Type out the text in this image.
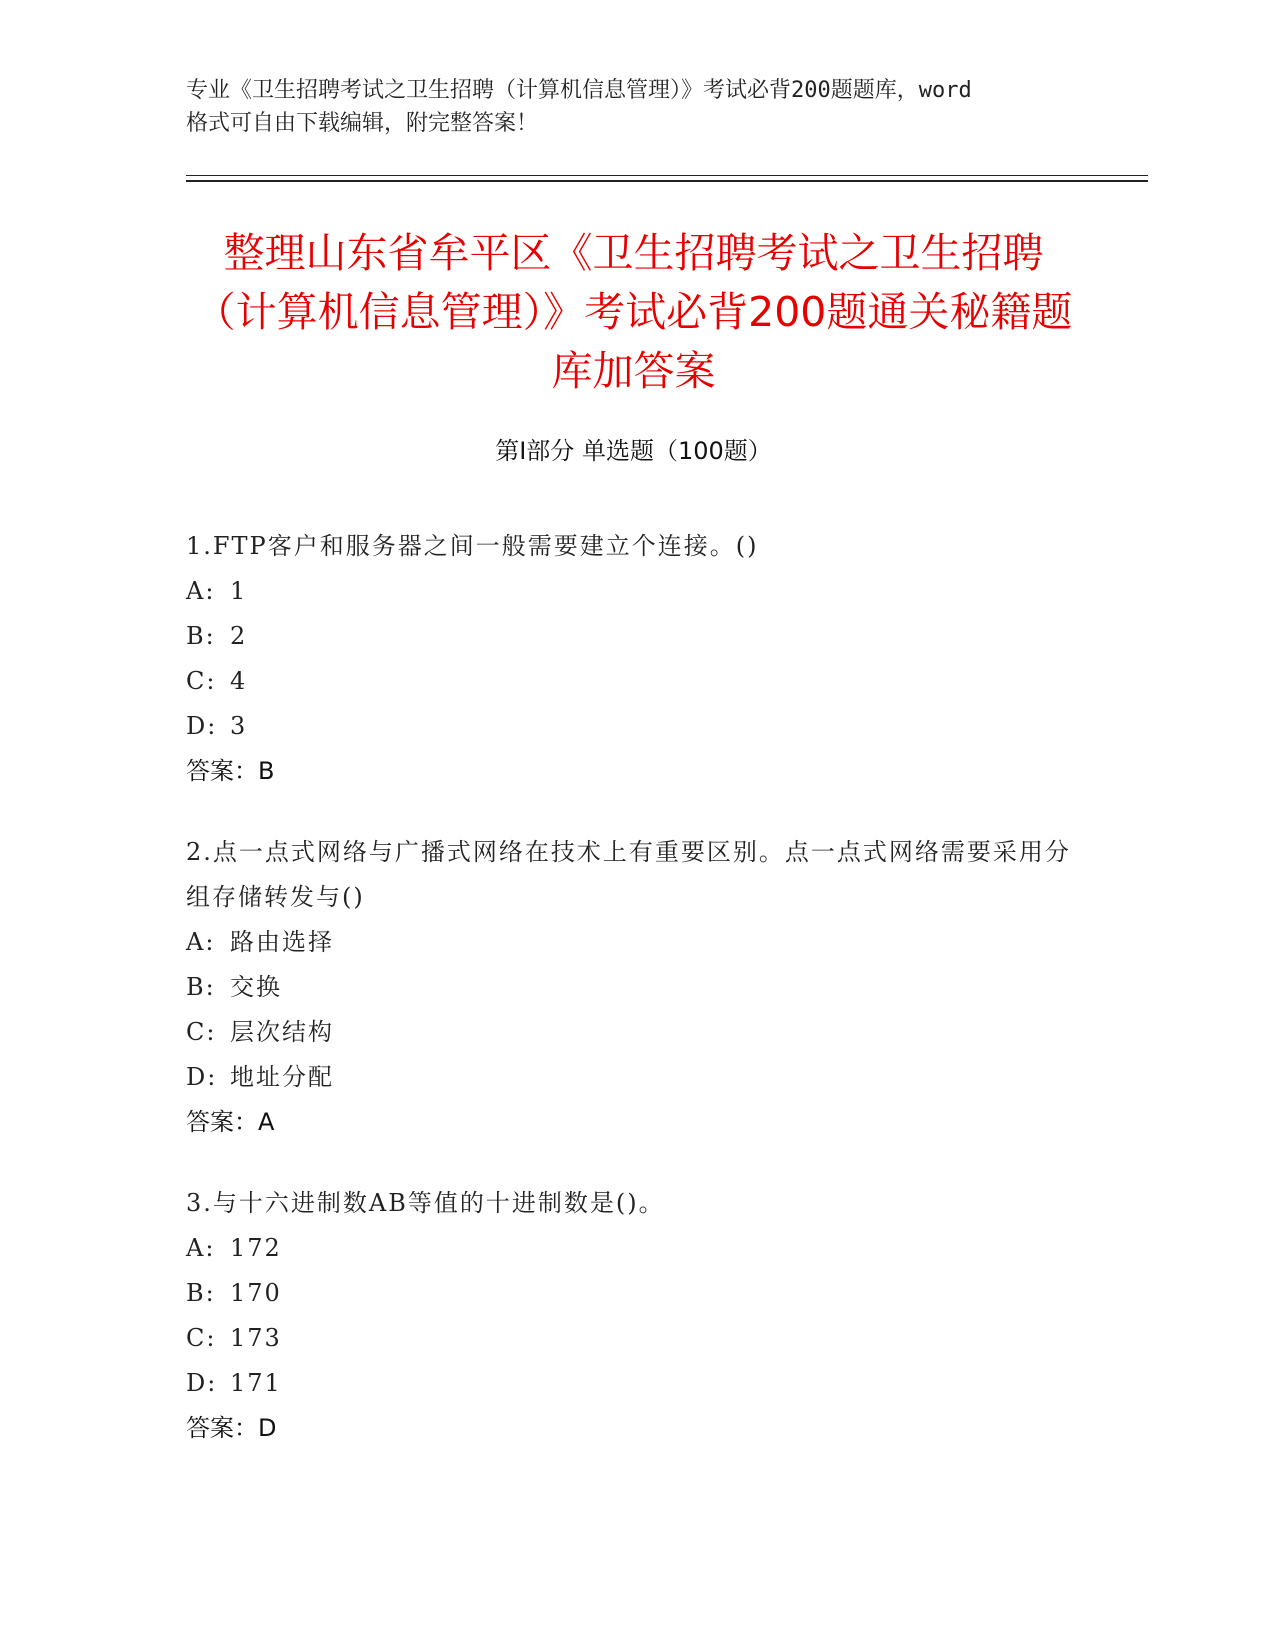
专业《卫生招聘考试之卫生招聘（计算机信息管理）》考试必背200题题库，word
格式可自由下载编辑，附完整答案！
整理山东省牟平区《卫生招聘考试之卫生招聘（计算机信息管理）》考试必背200题通关秘籍题库加答案
第Ⅰ部分 单选题（100题）
1.FTP客户和服务器之间一般需要建立个连接。()
A: 1
B: 2
C: 4
D: 3
答案：B
2.点一点式网络与广播式网络在技术上有重要区别。点一点式网络需要采用分组存储转发与()
A: 路由选择
B: 交换
C: 层次结构
D: 地址分配
答案：A
3.与十六进制数AB等值的十进制数是()。
A: 172
B: 170
C: 173
D: 171
答案：D
